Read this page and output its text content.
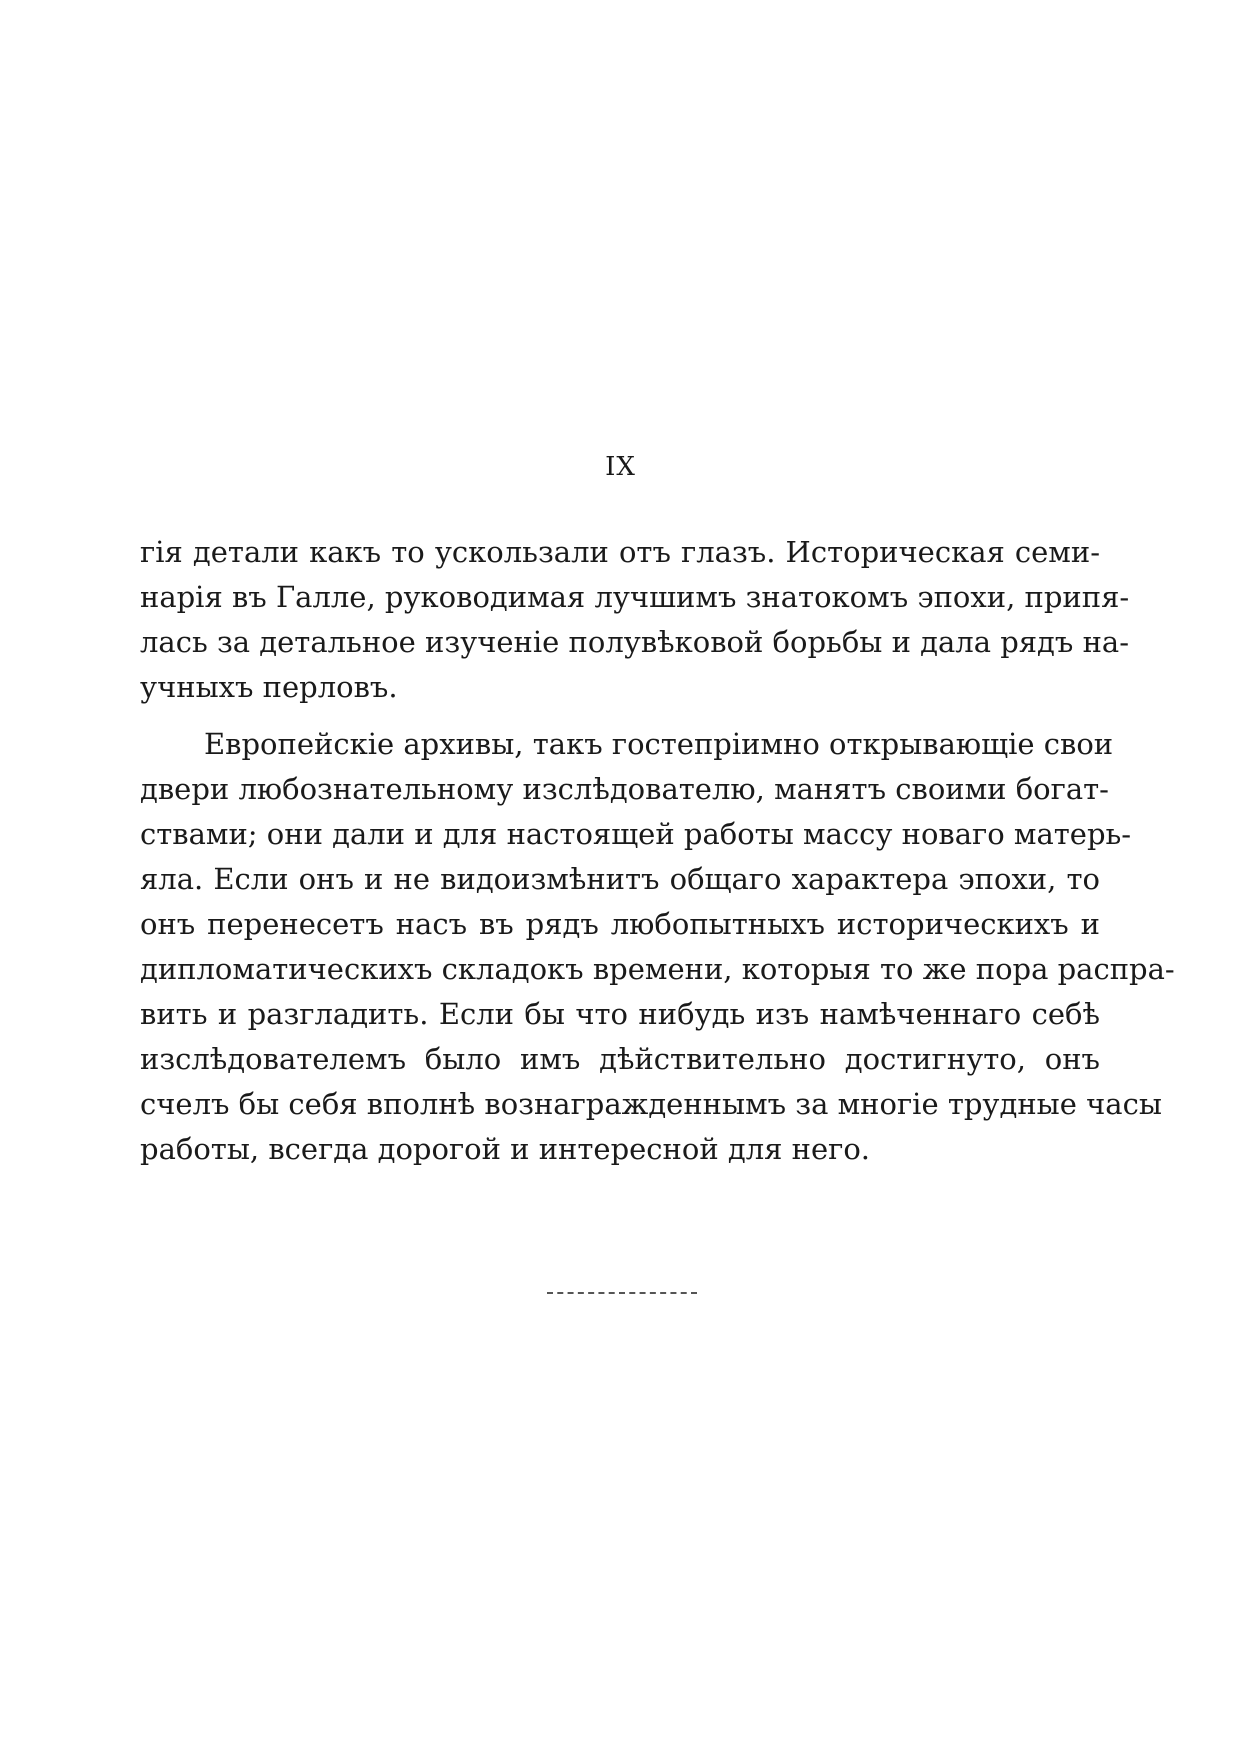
IX
гія детали какъ то ускользали отъ глазъ. Историческая семи-
нарія въ Галле, руководимая лучшимъ знатокомъ эпохи, припя-
лась за детальное изученіе полувѣковой борьбы и дала рядъ на-
учныхъ перловъ.
Европейскіе архивы, такъ гостепріимно открывающіе свои
двери любознательному изслѣдователю, манятъ своими богат-
ствами; они дали и для настоящей работы массу новаго матерь-
яла. Если онъ и не видоизмѣнитъ общаго характера эпохи, то
онъ перенесетъ насъ въ рядъ любопытныхъ историческихъ и
дипломатическихъ складокъ времени, которыя то же пора распра-
вить и разгладить. Если бы что нибудь изъ намѣченнаго себѣ
изслѣдователемъ было имъ дѣйствительно достигнуто, онъ
счелъ бы себя вполнѣ вознагражденнымъ за многіе трудные часы
работы, всегда дорогой и интересной для него.
